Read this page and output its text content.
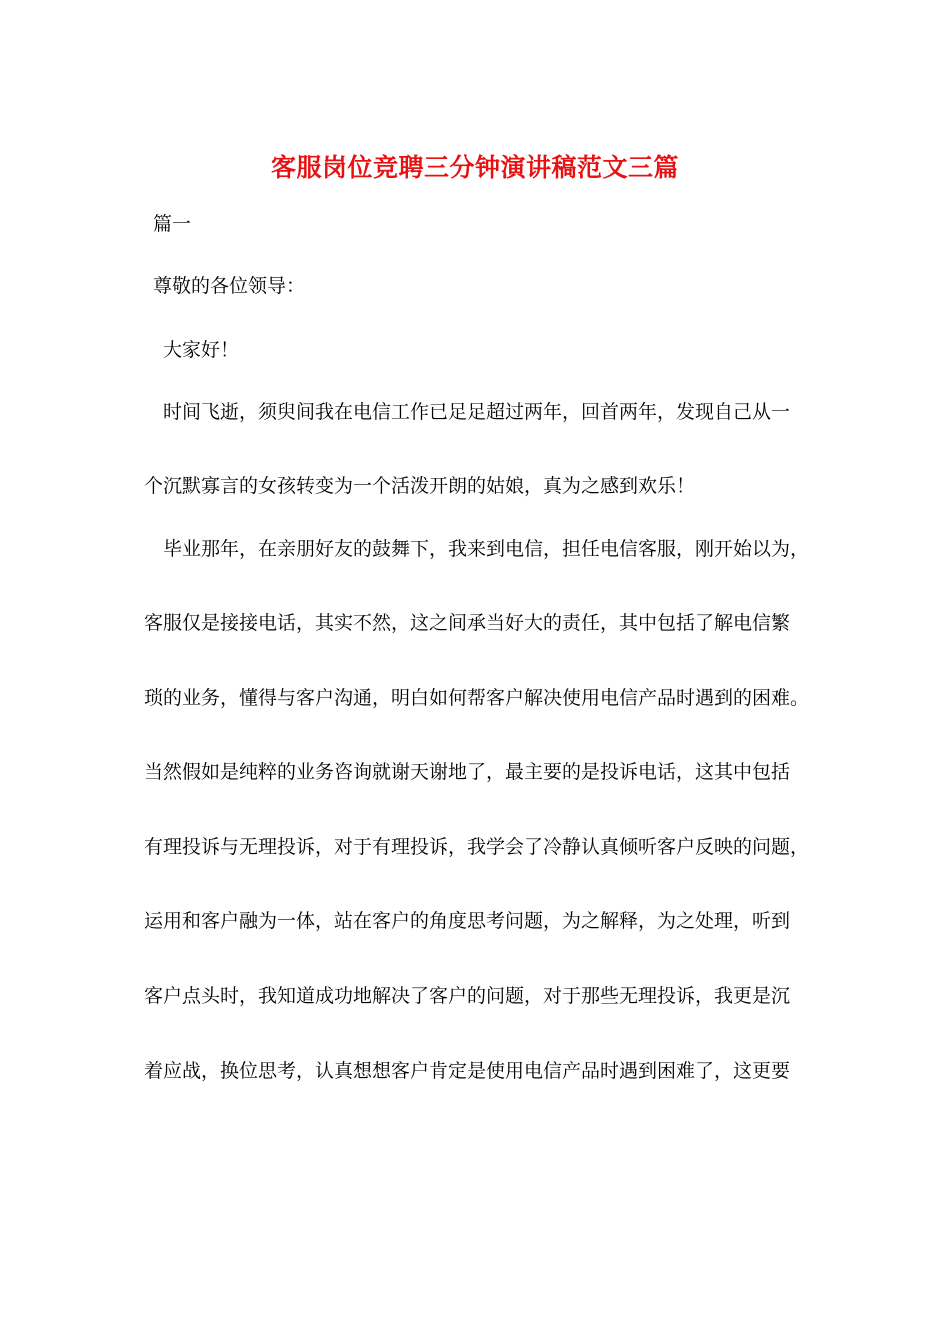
客服岗位竞聘三分钟演讲稿范文三篇
篇一
尊敬的各位领导：
大家好！
时间飞逝，须臾间我在电信工作已足足超过两年，回首两年，发现自己从一
个沉默寡言的女孩转变为一个活泼开朗的姑娘，真为之感到欢乐！
毕业那年，在亲朋好友的鼓舞下，我来到电信，担任电信客服，刚开始以为，
客服仅是接接电话，其实不然，这之间承当好大的责任，其中包括了解电信繁
琐的业务，懂得与客户沟通，明白如何帮客户解决使用电信产品时遇到的困难。
当然假如是纯粹的业务咨询就谢天谢地了，最主要的是投诉电话，这其中包括
有理投诉与无理投诉，对于有理投诉，我学会了冷静认真倾听客户反映的问题，
运用和客户融为一体，站在客户的角度思考问题，为之解释，为之处理，听到
客户点头时，我知道成功地解决了客户的问题，对于那些无理投诉，我更是沉
着应战，换位思考，认真想想客户肯定是使用电信产品时遇到困难了，这更要
